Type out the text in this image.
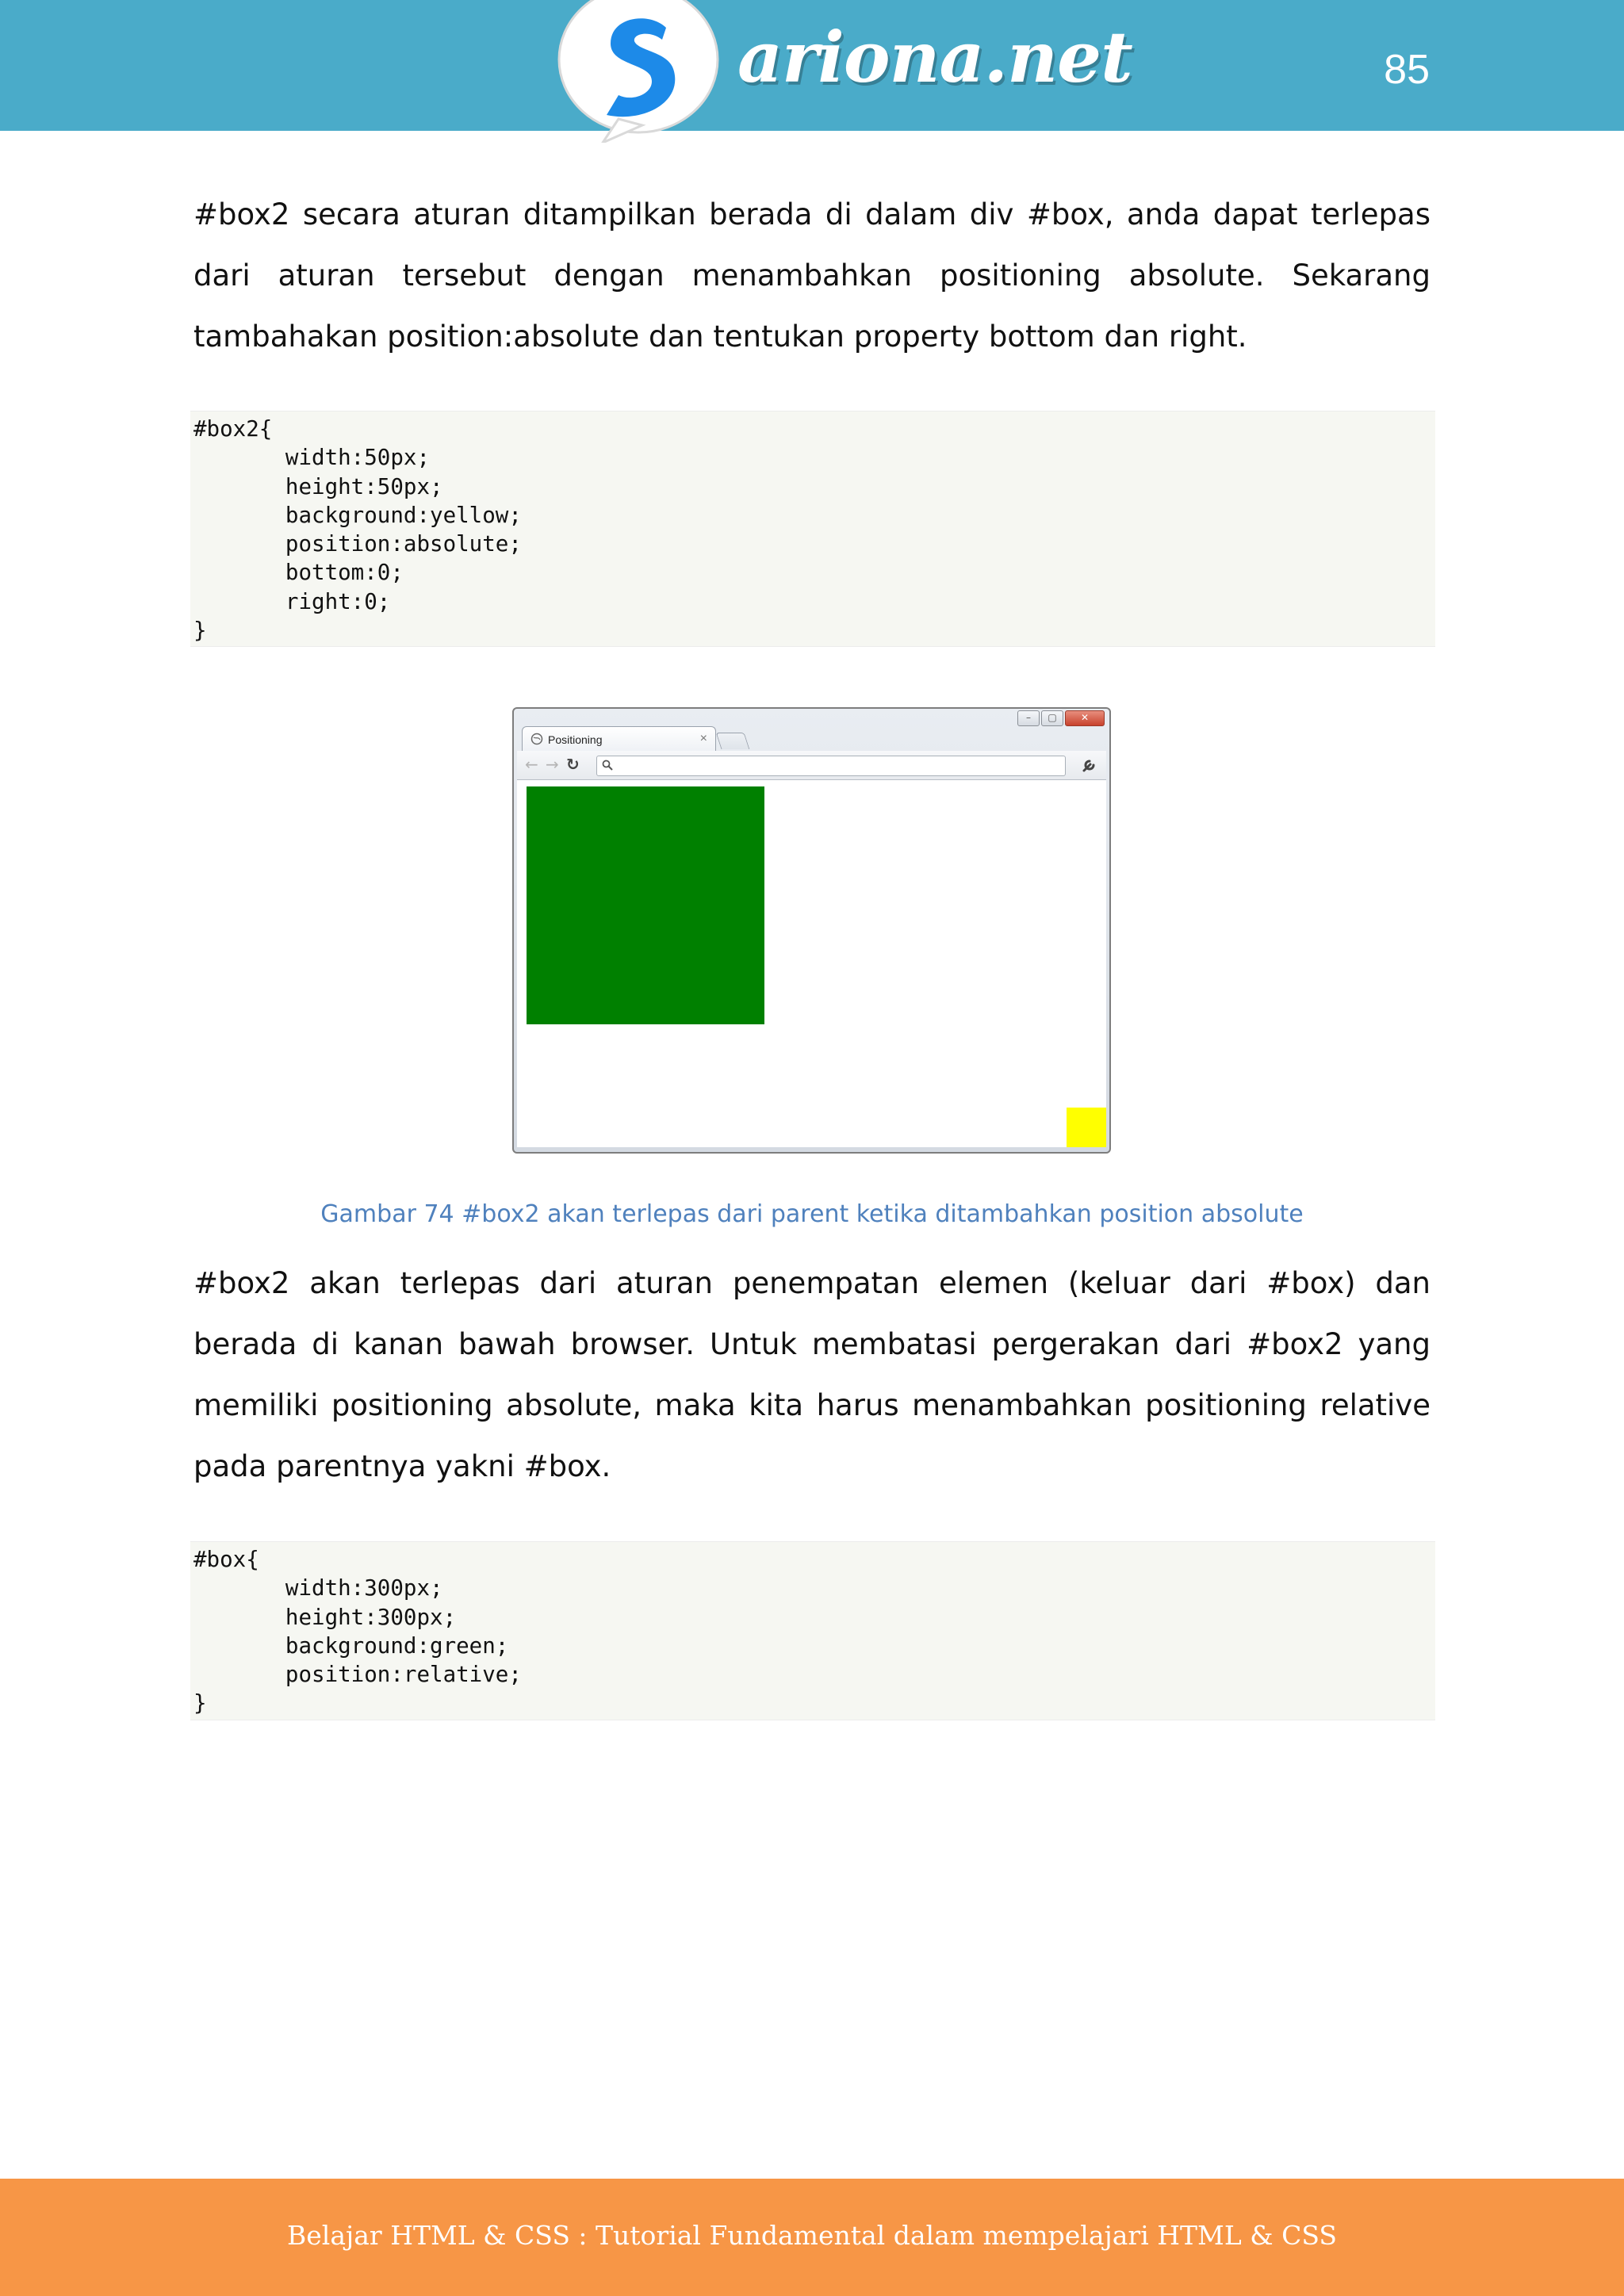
ariona.net	85

#box2 secara aturan ditampilkan berada di dalam div #box, anda dapat terlepas dari aturan tersebut dengan menambahkan positioning absolute. Sekarang tambahakan position:absolute dan tentukan property bottom dan right.

#box2{
width:50px;
height:50px;
background:yellow;
position:absolute;
bottom:0;
right:0;
}
–	▢	✕
Positioning	×
← → ↻
Gambar 74 #box2 akan terlepas dari parent ketika ditambahkan position absolute

#box2 akan terlepas dari aturan penempatan elemen (keluar dari #box) dan berada di kanan bawah browser. Untuk membatasi pergerakan dari #box2 yang memiliki positioning absolute, maka kita harus menambahkan positioning relative pada parentnya yakni #box.

#box{
width:300px;
height:300px;
background:green;
position:relative;
}
Belajar HTML & CSS : Tutorial Fundamental dalam mempelajari HTML & CSS
